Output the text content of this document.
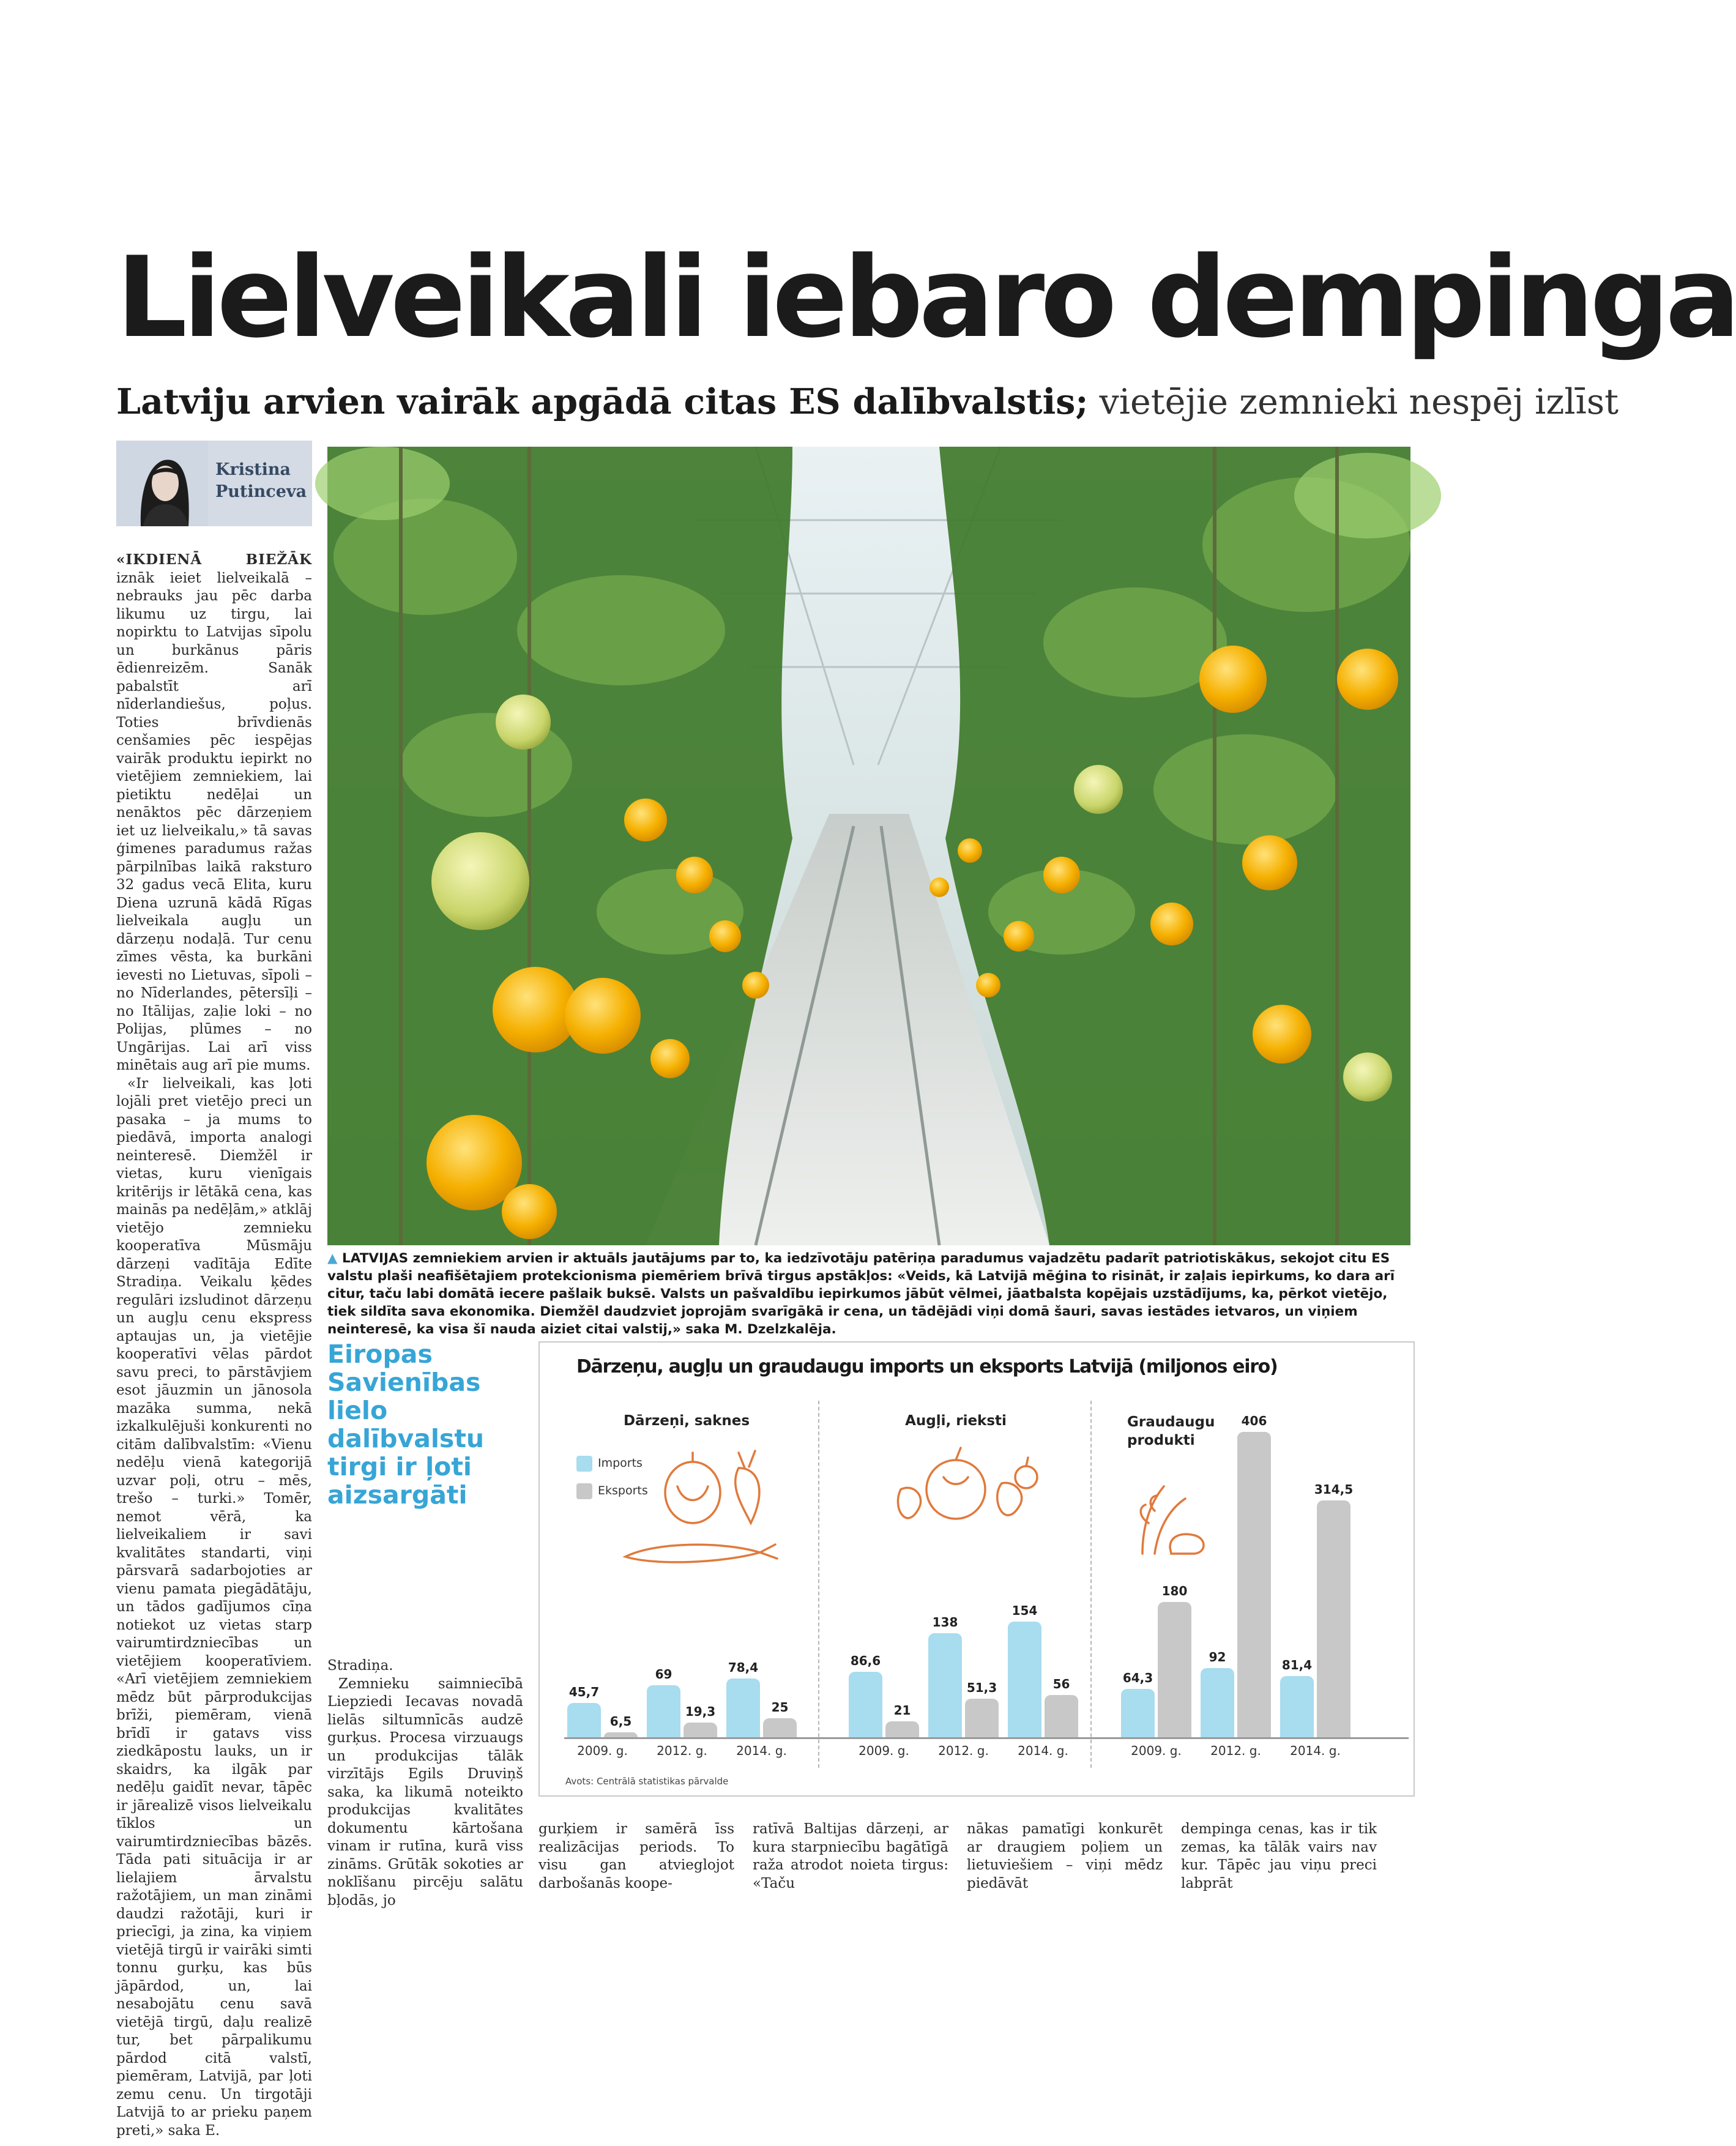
Lielveikali iebaro dempinga
Latviju arvien vairāk apgādā citas ES dalībvalstis; vietējie zemnieki nespēj izlīst
Kristina
Putinceva

«IKDIENĀ BIEŽĀK iznāk ieiet lielveikalā – nebrauks jau pēc darba likumu uz tirgu, lai nopirktu to Latvijas sīpolu un burkānus pāris ēdienreizēm. Sanāk pabalstīt arī nīderlandiešus, poļus. Toties brīvdienās cenšamies pēc iespējas vairāk produktu iepirkt no vietējiem zemniekiem, lai pietiktu nedēļai un nenāktos pēc dārzeņiem iet uz lielveikalu,» tā savas ģimenes paradumus ražas pārpilnības laikā raksturo 32 gadus vecā Elita, kuru Diena uzrunā kādā Rīgas lielveikala augļu un dārzeņu nodaļā. Tur cenu zīmes vēsta, ka burkāni ievesti no Lietuvas, sīpoli – no Nīderlandes, pētersīļi – no Itālijas, zaļie loki – no Polijas, plūmes – no Ungārijas. Lai arī viss minētais aug arī pie mums.

«Ir lielveikali, kas ļoti lojāli pret vietējo preci un pasaka – ja mums to piedāvā, importa analogi neinteresē. Diemžēl ir vietas, kuru vienīgais kritērijs ir lētākā cena, kas mainās pa nedēļām,» atklāj vietējo zemnieku kooperatīva Mūsmāju dārzeņi vadītāja Edīte Stradiņa. Veikalu ķēdes regulāri izsludinot dārzeņu un augļu cenu ekspress aptaujas un, ja vietējie kooperatīvi vēlas pārdot savu preci, to pārstāvjiem esot jāuzmin un jānosola mazāka summa, nekā izkalkulējuši konkurenti no citām dalībvalstīm: «Vienu nedēļu vienā kategorijā uzvar poļi, otru – mēs, trešo – turki.» Tomēr, nemot vērā, ka lielveikaliem ir savi kvalitātes standarti, viņi pārsvarā sadarbojoties ar vienu pamata piegādātāju, un tādos gadījumos cīņa notiekot uz vietas starp vairumtirdzniecības un vietējiem kooperatīviem. «Arī vietējiem zemniekiem mēdz būt pārprodukcijas brīži, piemēram, vienā brīdī ir gatavs viss ziedkāpostu lauks, un ir skaidrs, ka ilgāk par nedēļu gaidīt nevar, tāpēc ir jārealizē visos lielveikalu tīklos un vairumtirdzniecības bāzēs. Tāda pati situācija ir ar lielajiem ārvalstu ražotājiem, un man zināmi daudzi ražotāji, kuri ir priecīgi, ja zina, ka viņiem vietējā tirgū ir vairāki simti tonnu gurķu, kas būs jāpārdod, un, lai nesabojātu cenu savā vietējā tirgū, daļu realizē tur, bet pārpalikumu pārdod citā valstī, piemēram, Latvijā, par ļoti zemu cenu. Un tirgotāji Latvijā to ar prieku paņem preti,» saka E.

▲ LATVIJAS zemniekiem arvien ir aktuāls jautājums par to, ka iedzīvotāju patēriņa paradumus vajadzētu padarīt patriotiskākus, sekojot citu ES valstu plaši neafišētajiem protekcionisma piemēriem brīvā tirgus apstākļos: «Veids, kā Latvijā mēģina to risināt, ir zaļais iepirkums, ko dara arī citur, taču labi domātā iecere pašlaik buksē. Valsts un pašvaldību iepirkumos jābūt vēlmei, jāatbalsta kopējais uzstādījums, ka, pērkot vietējo, tiek sildīta sava ekonomika. Diemžēl daudzviet joprojām svarīgākā ir cena, un tādējādi viņi domā šauri, savas iestādes ietvaros, un viņiem neinteresē, ka visa šī nauda aiziet citai valstij,» saka M. Dzelzkalēja.
Eiropas Savienības lielo dalībvalstu tirgi ir ļoti aizsargāti

Stradiņa.

Zemnieku saimniecībā Liepziedi Iecavas novadā lielās siltumnīcās audzē gurķus. Procesa virzuaugs un produkcijas tālāk virzītājs Egils Druviņš saka, ka likumā noteikto produkcijas kvalitātes dokumentu kārtošana vinam ir rutīna, kurā viss zināms. Grūtāk sokoties ar noklīšanu pircēju salātu bļodās, jo

gurķiem ir samērā īss realizācijas periods. To visu gan atvieglojot darbošanās koope-
ratīvā Baltijas dārzeņi, ar kura starpniecību bagātīgā raža atrodot noieta tirgus: «Taču
nākas pamatīgi konkurēt ar draugiem poļiem un lietuviešiem – viņi mēdz piedāvāt
dempinga cenas, kas ir tik zemas, ka tālāk vairs nav kur. Tāpēc jau viņu preci labprāt
Dārzeņu, augļu un graudaugu imports un eksports Latvijā (miljonos eiro)
Dārzeņi, saknes	Augļi, rieksti	Graudaugu produkti
Imports
Eksports
Avots: Centrālā statistikas pārvalde
45,7
6,5
2009. g.
69
19,3
2012. g.
78,4
25
2014. g.
86,6
21
2009. g.
138
51,3
2012. g.
154
56
2014. g.
64,3
180
2009. g.
92
406
2012. g.
81,4
314,5
2014. g.
